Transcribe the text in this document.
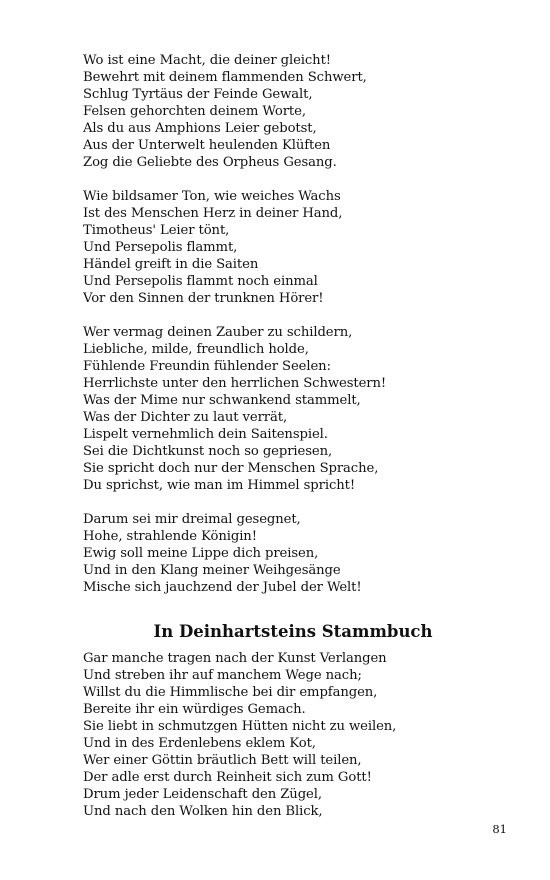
Wo ist eine Macht, die deiner gleicht!
Bewehrt mit deinem flammenden Schwert,
Schlug Tyrtäus der Feinde Gewalt,
Felsen gehorchten deinem Worte,
Als du aus Amphions Leier gebotst,
Aus der Unterwelt heulenden Klüften
Zog die Geliebte des Orpheus Gesang.
Wie bildsamer Ton, wie weiches Wachs
Ist des Menschen Herz in deiner Hand,
Timotheus' Leier tönt,
Und Persepolis flammt,
Händel greift in die Saiten
Und Persepolis flammt noch einmal
Vor den Sinnen der trunknen Hörer!
Wer vermag deinen Zauber zu schildern,
Liebliche, milde, freundlich holde,
Fühlende Freundin fühlender Seelen:
Herrlichste unter den herrlichen Schwestern!
Was der Mime nur schwankend stammelt,
Was der Dichter zu laut verrät,
Lispelt vernehmlich dein Saitenspiel.
Sei die Dichtkunst noch so gepriesen,
Sie spricht doch nur der Menschen Sprache,
Du sprichst, wie man im Himmel spricht!
Darum sei mir dreimal gesegnet,
Hohe, strahlende Königin!
Ewig soll meine Lippe dich preisen,
Und in den Klang meiner Weihgesänge
Mische sich jauchzend der Jubel der Welt!
In Deinhartsteins Stammbuch
Gar manche tragen nach der Kunst Verlangen
Und streben ihr auf manchem Wege nach;
Willst du die Himmlische bei dir empfangen,
Bereite ihr ein würdiges Gemach.
Sie liebt in schmutzgen Hütten nicht zu weilen,
Und in des Erdenlebens eklem Kot,
Wer einer Göttin bräutlich Bett will teilen,
Der adle erst durch Reinheit sich zum Gott!
Drum jeder Leidenschaft den Zügel,
Und nach den Wolken hin den Blick,
81
